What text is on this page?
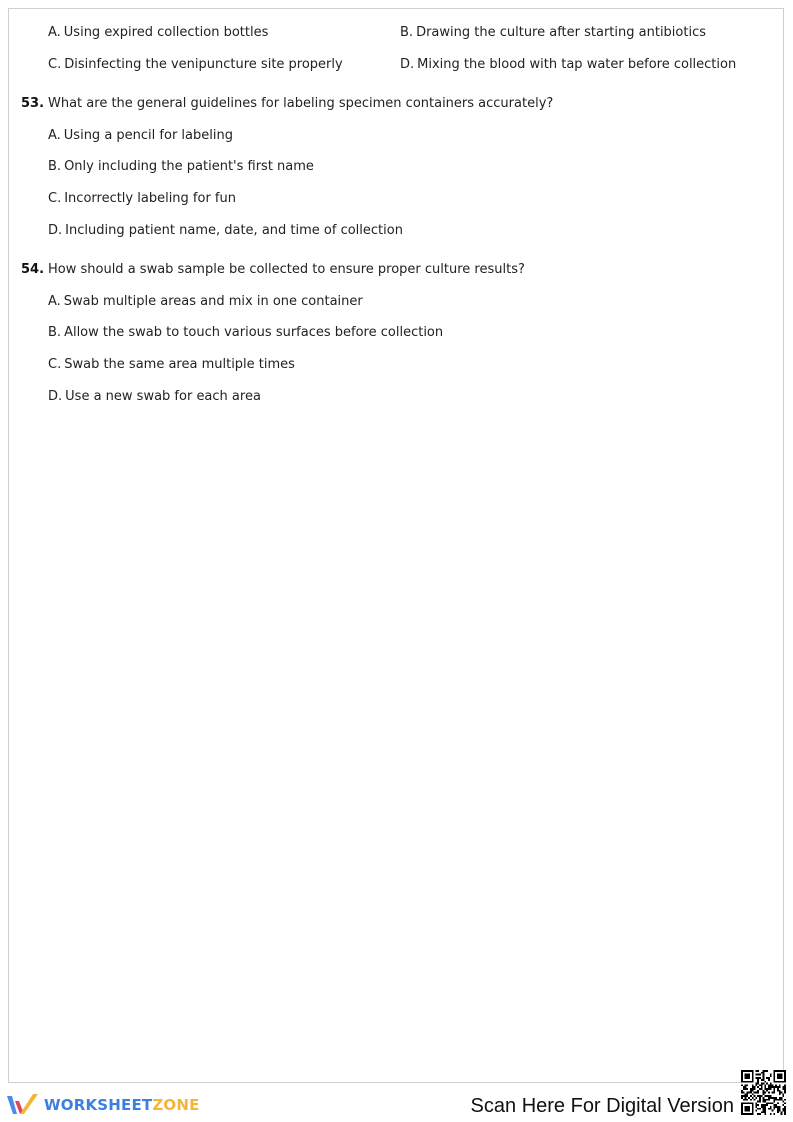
A. Using expired collection bottles	B. Drawing the culture after starting antibiotics
C. Disinfecting the venipuncture site properly	D. Mixing the blood with tap water before collection
53. What are the general guidelines for labeling specimen containers accurately?
A. Using a pencil for labeling
B. Only including the patient's first name
C. Incorrectly labeling for fun
D. Including patient name, date, and time of collection
54. How should a swab sample be collected to ensure proper culture results?
A. Swab multiple areas and mix in one container
B. Allow the swab to touch various surfaces before collection
C. Swab the same area multiple times
D. Use a new swab for each area
WORKSHEETZONE	Scan Here For Digital Version
